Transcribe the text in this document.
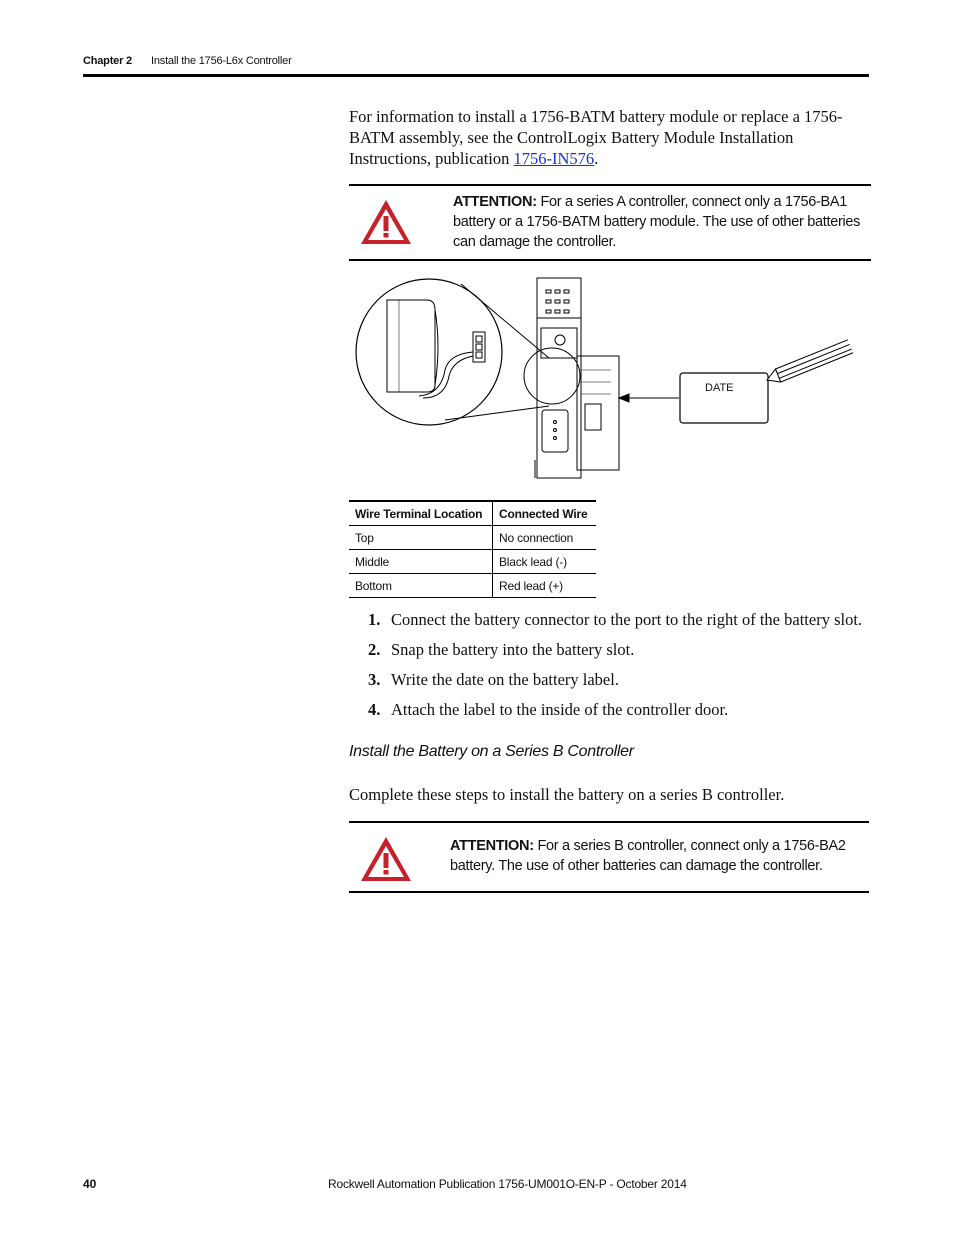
Chapter 2 Install the 1756-L6x Controller
For information to install a 1756-BATM battery module or replace a 1756-BATM assembly, see the ControlLogix Battery Module Installation Instructions, publication 1756-IN576.
ATTENTION: For a series A controller, connect only a 1756-BA1 battery or a 1756-BATM battery module. The use of other batteries can damage the controller.
DATE
Wire Terminal Location	Connected Wire
Top	No connection
Middle	Black lead (-)
Bottom	Red lead (+)
1. Connect the battery connector to the port to the right of the battery slot.
2. Snap the battery into the battery slot.
3. Write the date on the battery label.
4. Attach the label to the inside of the controller door.
Install the Battery on a Series B Controller
Complete these steps to install the battery on a series B controller.
ATTENTION: For a series B controller, connect only a 1756-BA2 battery. The use of other batteries can damage the controller.
40	Rockwell Automation Publication 1756-UM001O-EN-P - October 2014
